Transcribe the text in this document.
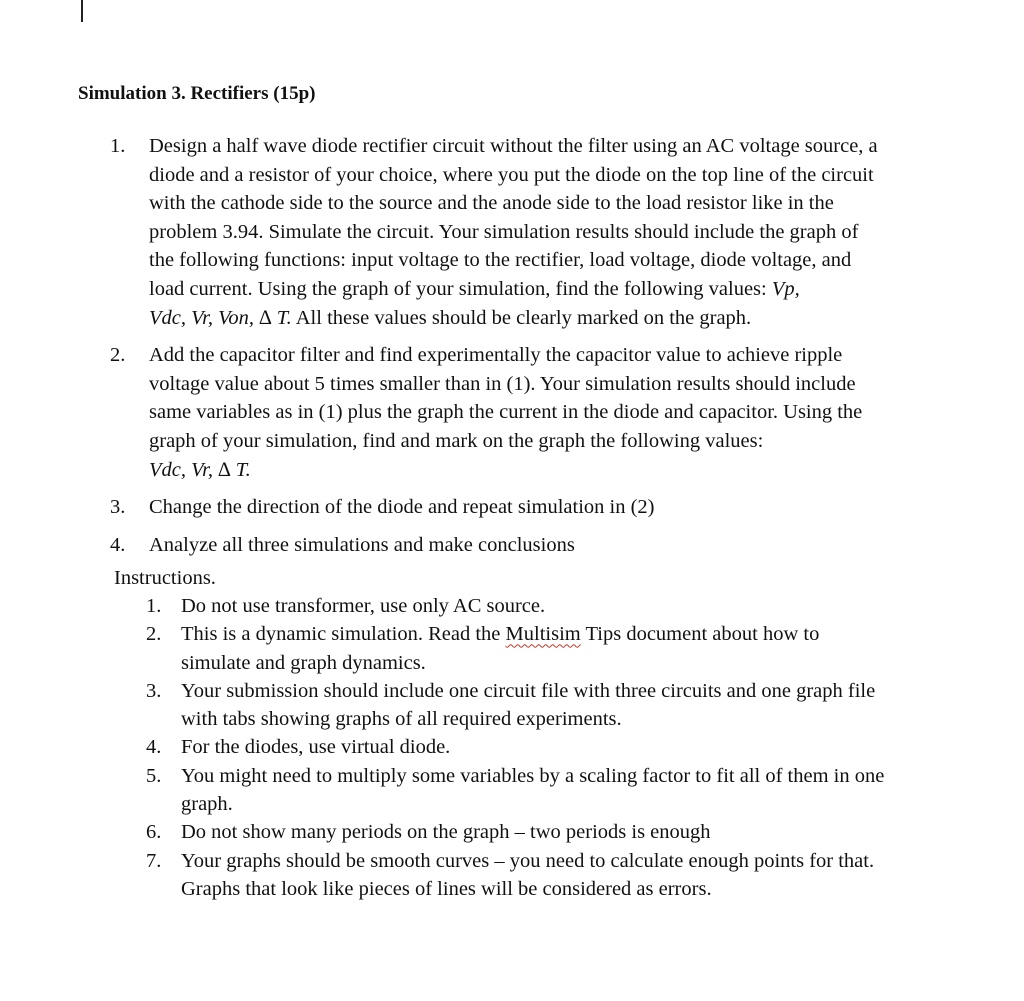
Simulation 3. Rectifiers (15p)
1. Design a half wave diode rectifier circuit without the filter using an AC voltage source, a
diode and a resistor of your choice, where you put the diode on the top line of the circuit
with the cathode side to the source and the anode side to the load resistor like in the
problem 3.94. Simulate the circuit. Your simulation results should include the graph of
the following functions: input voltage to the rectifier, load voltage, diode voltage, and
load current. Using the graph of your simulation, find the following values: Vp,
Vdc, Vr, Von, ∆ T. All these values should be clearly marked on the graph.
2. Add the capacitor filter and find experimentally the capacitor value to achieve ripple
voltage value about 5 times smaller than in (1). Your simulation results should include
same variables as in (1) plus the graph the current in the diode and capacitor. Using the
graph of your simulation, find and mark on the graph the following values:
Vdc, Vr, ∆ T.
3. Change the direction of the diode and repeat simulation in (2)
4. Analyze all three simulations and make conclusions
Instructions.
1. Do not use transformer, use only AC source.
2. This is a dynamic simulation. Read the Multisim Tips document about how to
simulate and graph dynamics.
3. Your submission should include one circuit file with three circuits and one graph file
with tabs showing graphs of all required experiments.
4. For the diodes, use virtual diode.
5. You might need to multiply some variables by a scaling factor to fit all of them in one
graph.
6. Do not show many periods on the graph – two periods is enough
7. Your graphs should be smooth curves – you need to calculate enough points for that.
Graphs that look like pieces of lines will be considered as errors.
